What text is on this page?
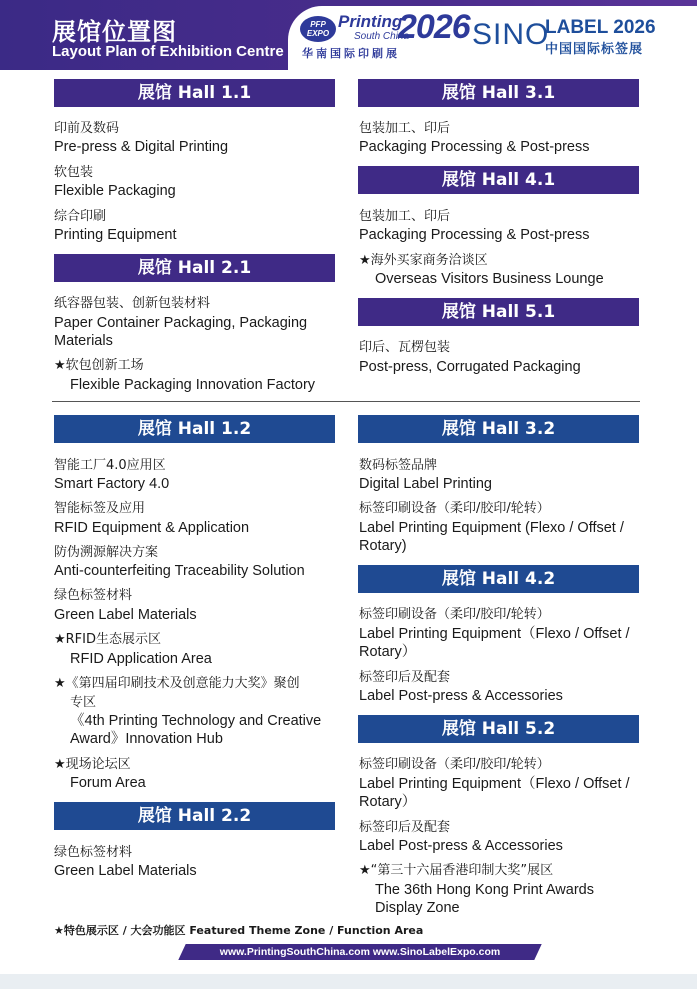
展馆位置图
Layout Plan of Exhibition Centre
PFP
EXPO
Printing
South China
2026
华南国际印刷展
SINO
LABEL 2026
中国国际标签展
展馆 Hall 1.1
印前及数码
Pre-press & Digital Printing
软包装
Flexible Packaging
综合印刷
Printing Equipment
展馆 Hall 2.1
纸容器包装、创新包装材料
Paper Container Packaging, Packaging
Materials
★软包创新工场
Flexible Packaging Innovation Factory
展馆 Hall 3.1
包装加工、印后
Packaging Processing & Post-press
展馆 Hall 4.1
包装加工、印后
Packaging Processing & Post-press
★海外买家商务洽谈区
Overseas Visitors Business Lounge
展馆 Hall 5.1
印后、瓦楞包装
Post-press, Corrugated Packaging
展馆 Hall 1.2
智能工厂4.0应用区
Smart Factory 4.0
智能标签及应用
RFID Equipment & Application
防伪溯源解决方案
Anti-counterfeiting Traceability Solution
绿色标签材料
Green Label Materials
★RFID生态展示区
RFID Application Area
★《第四届印刷技术及创意能力大奖》聚创
专区
《4th Printing Technology and Creative
Award》Innovation Hub
★现场论坛区
Forum Area
展馆 Hall 2.2
绿色标签材料
Green Label Materials
展馆 Hall 3.2
数码标签品牌
Digital Label Printing
标签印刷设备（柔印/胶印/轮转）
Label Printing Equipment (Flexo / Offset /
Rotary)
展馆 Hall 4.2
标签印刷设备（柔印/胶印/轮转）
Label Printing Equipment（Flexo / Offset /
Rotary）
标签印后及配套
Label Post-press & Accessories
展馆 Hall 5.2
标签印刷设备（柔印/胶印/轮转）
Label Printing Equipment（Flexo / Offset /
Rotary）
标签印后及配套
Label Post-press & Accessories
★“第三十六届香港印制大奖”展区
The 36th Hong Kong Print Awards
Display Zone
★特色展示区 / 大会功能区 Featured Theme Zone / Function Area
www.PrintingSouthChina.com www.SinoLabelExpo.com
